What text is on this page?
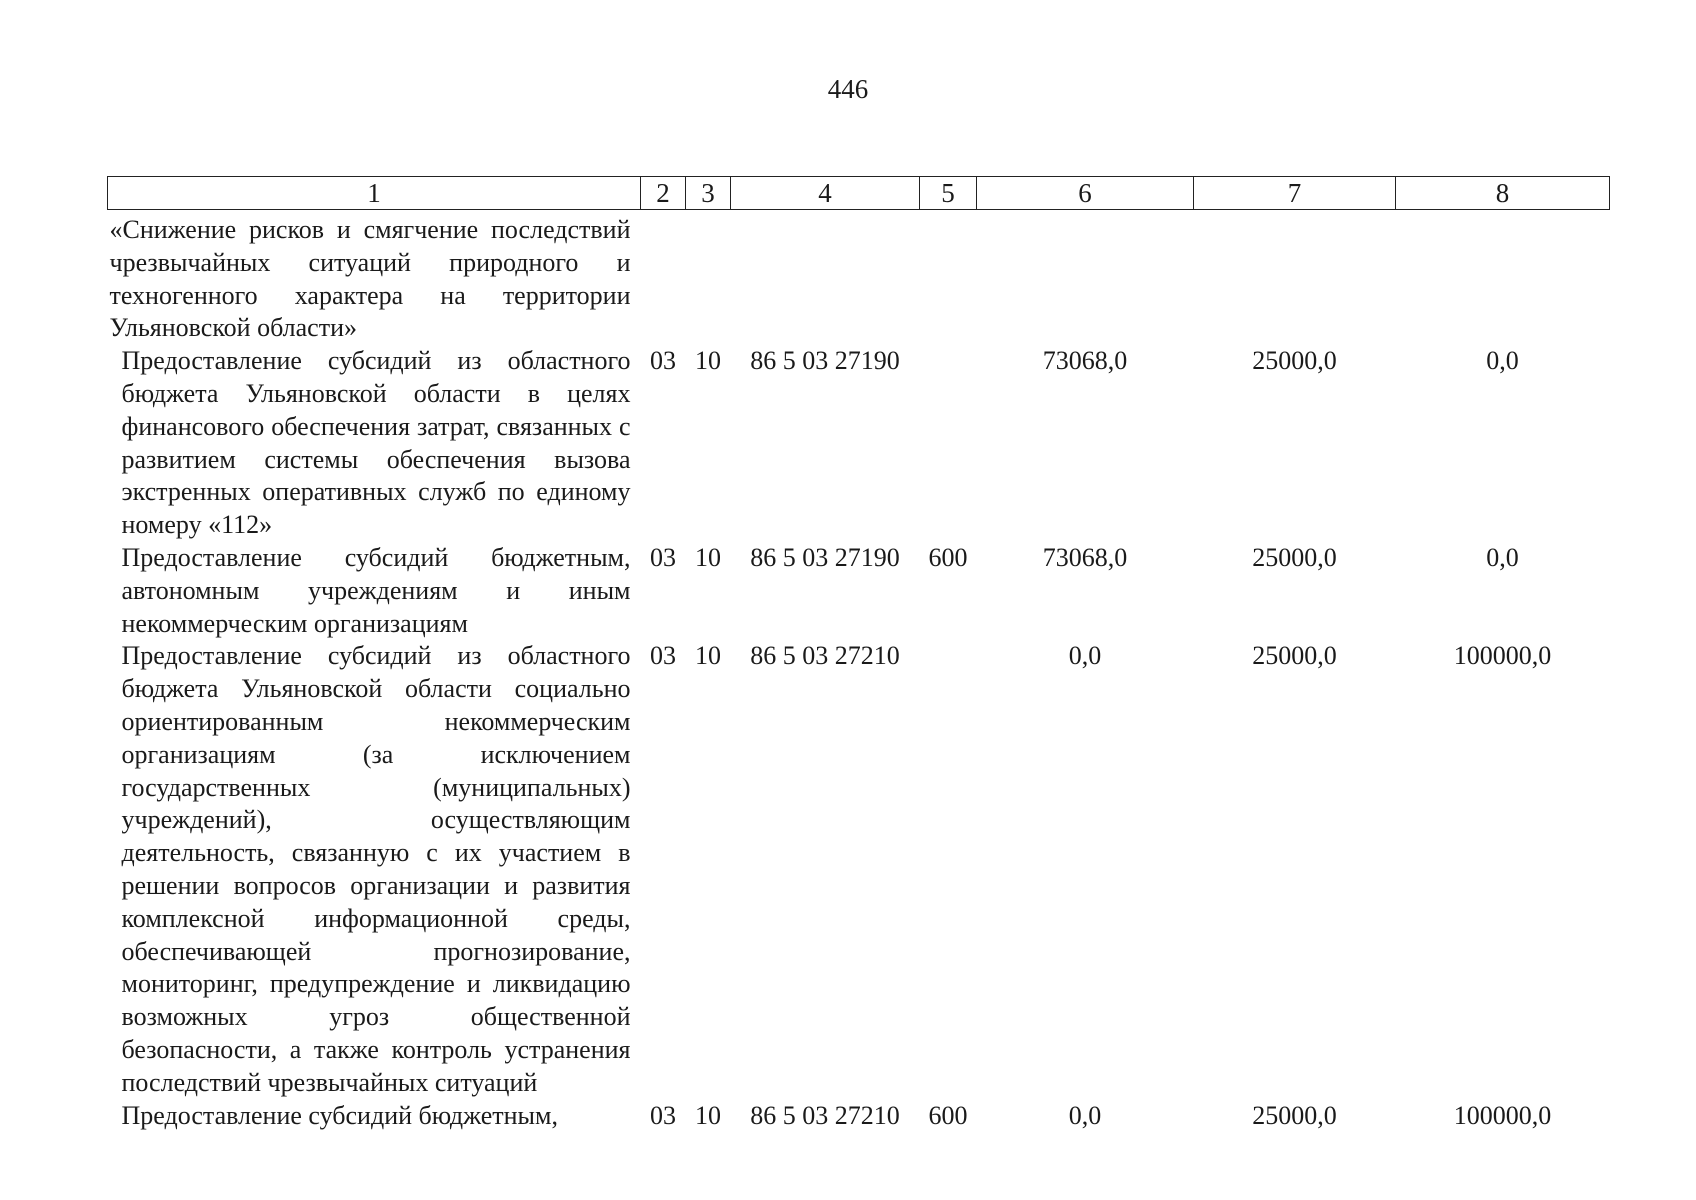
446
1	2	3	4	5	6	7	8
«Снижение рисков и смягчение последствий чрезвычайных ситуаций природного и техногенного характера на территории Ульяновской области»							
Предоставление субсидий из областного бюджета Ульяновской области в целях финансового обеспечения затрат, связанных с развитием системы обеспечения вызова экстренных оперативных служб по единому номеру «112»	03	10	86 5 03 27190		73068,0	25000,0	0,0
Предоставление субсидий бюджетным, автономным учреждениям и иным некоммерческим организациям	03	10	86 5 03 27190	600	73068,0	25000,0	0,0
Предоставление субсидий из областного бюджета Ульяновской области социально ориентированным некоммерческим организациям (за исключением государственных (муниципальных) учреждений), осуществляющим деятельность, связанную с их участием в решении вопросов организации и развития комплексной информационной среды, обеспечивающей прогнозирование, мониторинг, предупреждение и ликвидацию возможных угроз общественной безопасности, а также контроль устранения последствий чрезвычайных ситуаций	03	10	86 5 03 27210		0,0	25000,0	100000,0
Предоставление субсидий бюджетным,	03	10	86 5 03 27210	600	0,0	25000,0	100000,0
